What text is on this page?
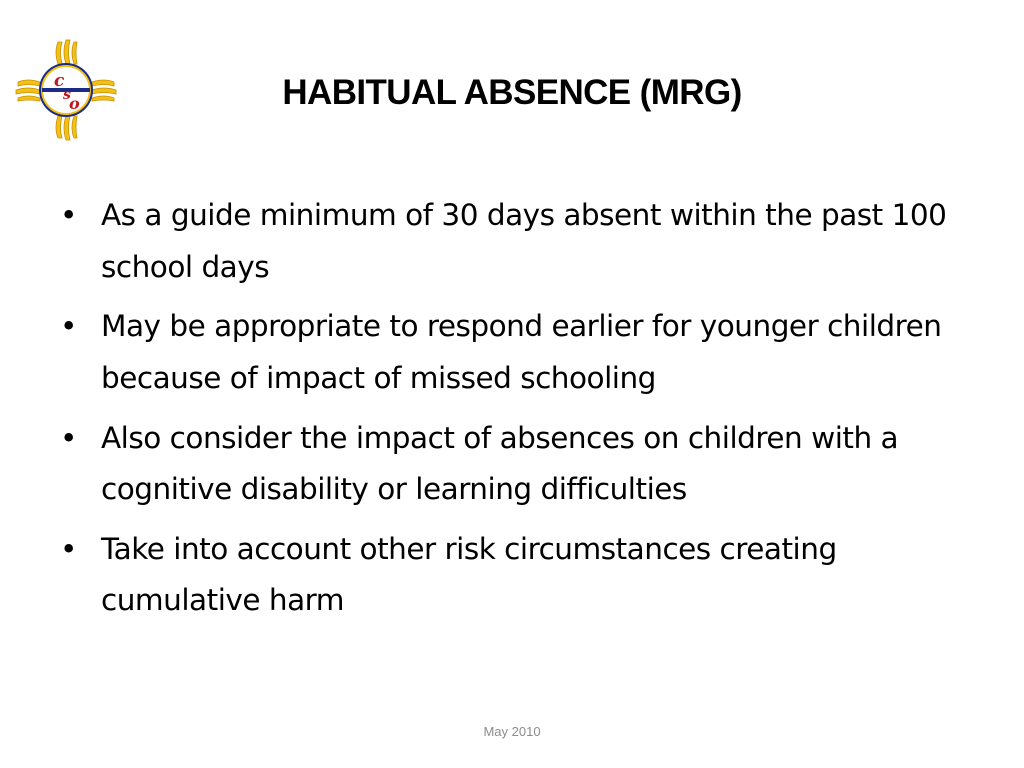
c
s
o	HABITUAL ABSENCE (MRG)
• As a guide minimum of 30 days absent within the past 100 school days
• May be appropriate to respond earlier for younger children because of impact of missed schooling
• Also consider the impact of absences on children with a cognitive disability or learning difficulties
• Take into account other risk circumstances creating cumulative harm
May 2010
